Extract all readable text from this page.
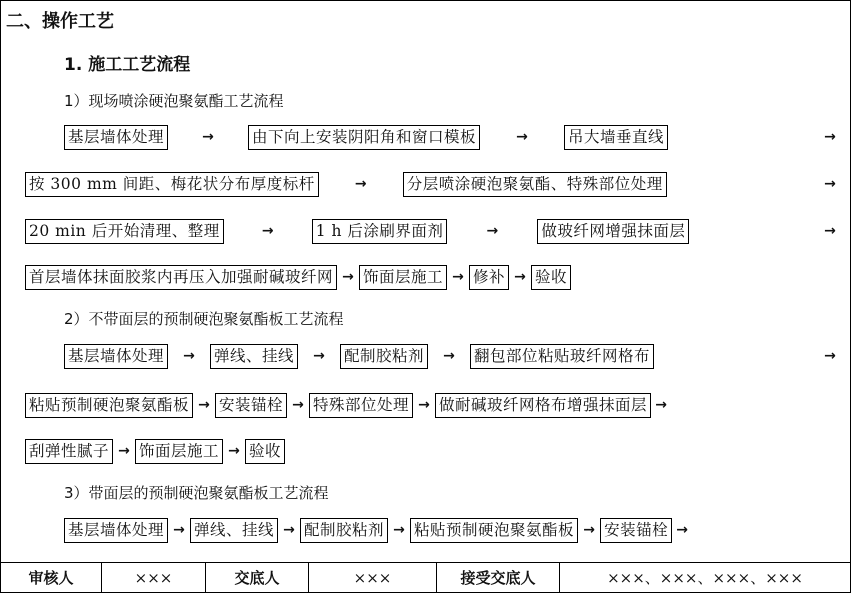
二、操作工艺
1. 施工工艺流程
1）现场喷涂硬泡聚氨酯工艺流程
基层墙体处理	→	由下向上安装阴阳角和窗口模板	→	吊大墙垂直线	→
按 300 mm 间距、梅花状分布厚度标杆	→	分层喷涂硬泡聚氨酯、特殊部位处理	→
20 min 后开始清理、整理	→	1 h 后涂刷界面剂	→	做玻纤网增强抹面层	→
首层墙体抹面胶浆内再压入加强耐碱玻纤网 → 饰面层施工 → 修补 → 验收
2）不带面层的预制硬泡聚氨酯板工艺流程
基层墙体处理	→	弹线、挂线	→	配制胶粘剂	→	翻包部位粘贴玻纤网格布	→
粘贴预制硬泡聚氨酯板 → 安装锚栓 → 特殊部位处理 → 做耐碱玻纤网格布增强抹面层 →
刮弹性腻子 → 饰面层施工 → 验收
3）带面层的预制硬泡聚氨酯板工艺流程
基层墙体处理 → 弹线、挂线 → 配制胶粘剂 → 粘贴预制硬泡聚氨酯板 → 安装锚栓 →
审核人	×××	交底人	×××	接受交底人	×××、×××、×××、×××
